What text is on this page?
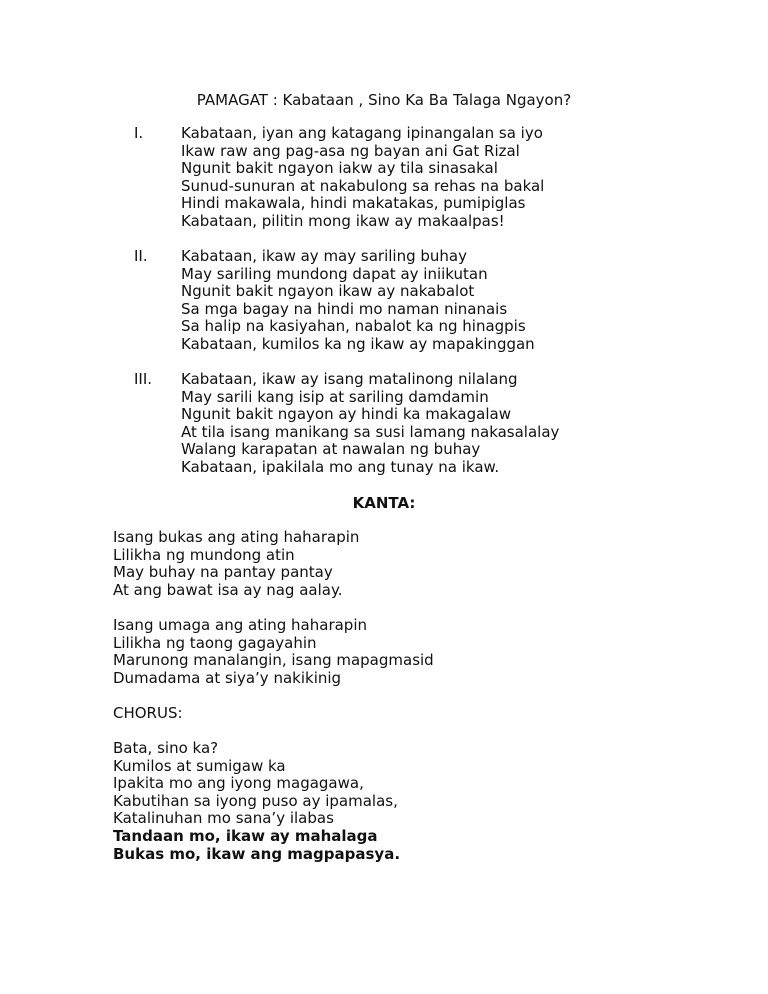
PAMAGAT : Kabataan , Sino Ka Ba Talaga Ngayon?
I.	Kabataan, iyan ang katagang ipinangalan sa iyo
Ikaw raw ang pag-asa ng bayan ani Gat Rizal
Ngunit bakit ngayon iakw ay tila sinasakal
Sunud-sunuran at nakabulong sa rehas na bakal
Hindi makawala, hindi makatakas, pumipiglas
Kabataan, pilitin mong ikaw ay makaalpas!
II. Kabataan, ikaw ay may sariling buhay
May sariling mundong dapat ay iniikutan
Ngunit bakit ngayon ikaw ay nakabalot
Sa mga bagay na hindi mo naman ninanais
Sa halip na kasiyahan, nabalot ka ng hinagpis
Kabataan, kumilos ka ng ikaw ay mapakinggan
III. Kabataan, ikaw ay isang matalinong nilalang
May sarili kang isip at sariling damdamin
Ngunit bakit ngayon ay hindi ka makagalaw
At tila isang manikang sa susi lamang nakasalalay
Walang karapatan at nawalan ng buhay
Kabataan, ipakilala mo ang tunay na ikaw.
KANTA:
Isang bukas ang ating haharapin
Lilikha ng mundong atin
May buhay na pantay pantay
At ang bawat isa ay nag aalay.
Isang umaga ang ating haharapin
Lilikha ng taong gagayahin
Marunong manalangin, isang mapagmasid
Dumadama at siya’y nakikinig
CHORUS:
Bata, sino ka?
Kumilos at sumigaw ka
Ipakita mo ang iyong magagawa,
Kabutihan sa iyong puso ay ipamalas,
Katalinuhan mo sana’y ilabas
Tandaan mo, ikaw ay mahalaga
Bukas mo, ikaw ang magpapasya.
